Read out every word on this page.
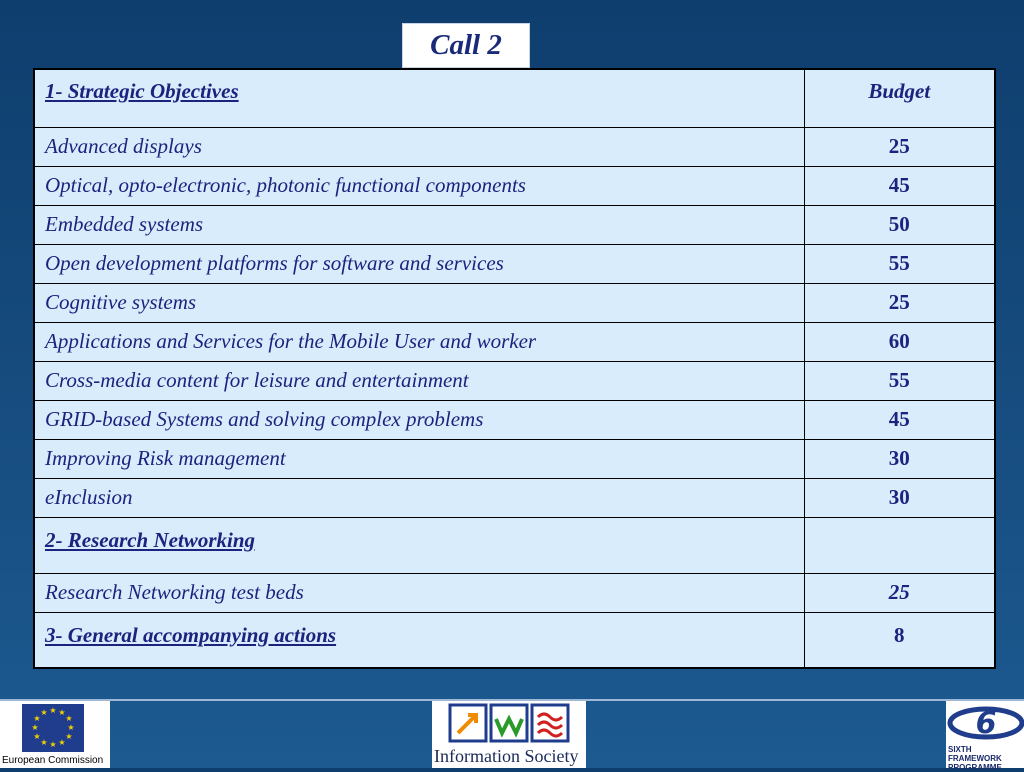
Call 2
1- Strategic Objectives	Budget
Advanced displays	25
Optical, opto-electronic, photonic functional components	45
Embedded systems	50
Open development platforms for software and services	55
Cognitive systems	25
Applications and Services for the Mobile User and worker	60
Cross-media content for leisure and entertainment	55
GRID-based Systems and solving complex problems	45
Improving Risk management	30
eInclusion	30
2- Research Networking	
Research Networking test beds	25
3- General accompanying actions	8
★ ★
★
★
★
★
★
★
★
★
★
★
European Commission	Information Society
6
SIXTH FRAMEWORK PROGRAMME
